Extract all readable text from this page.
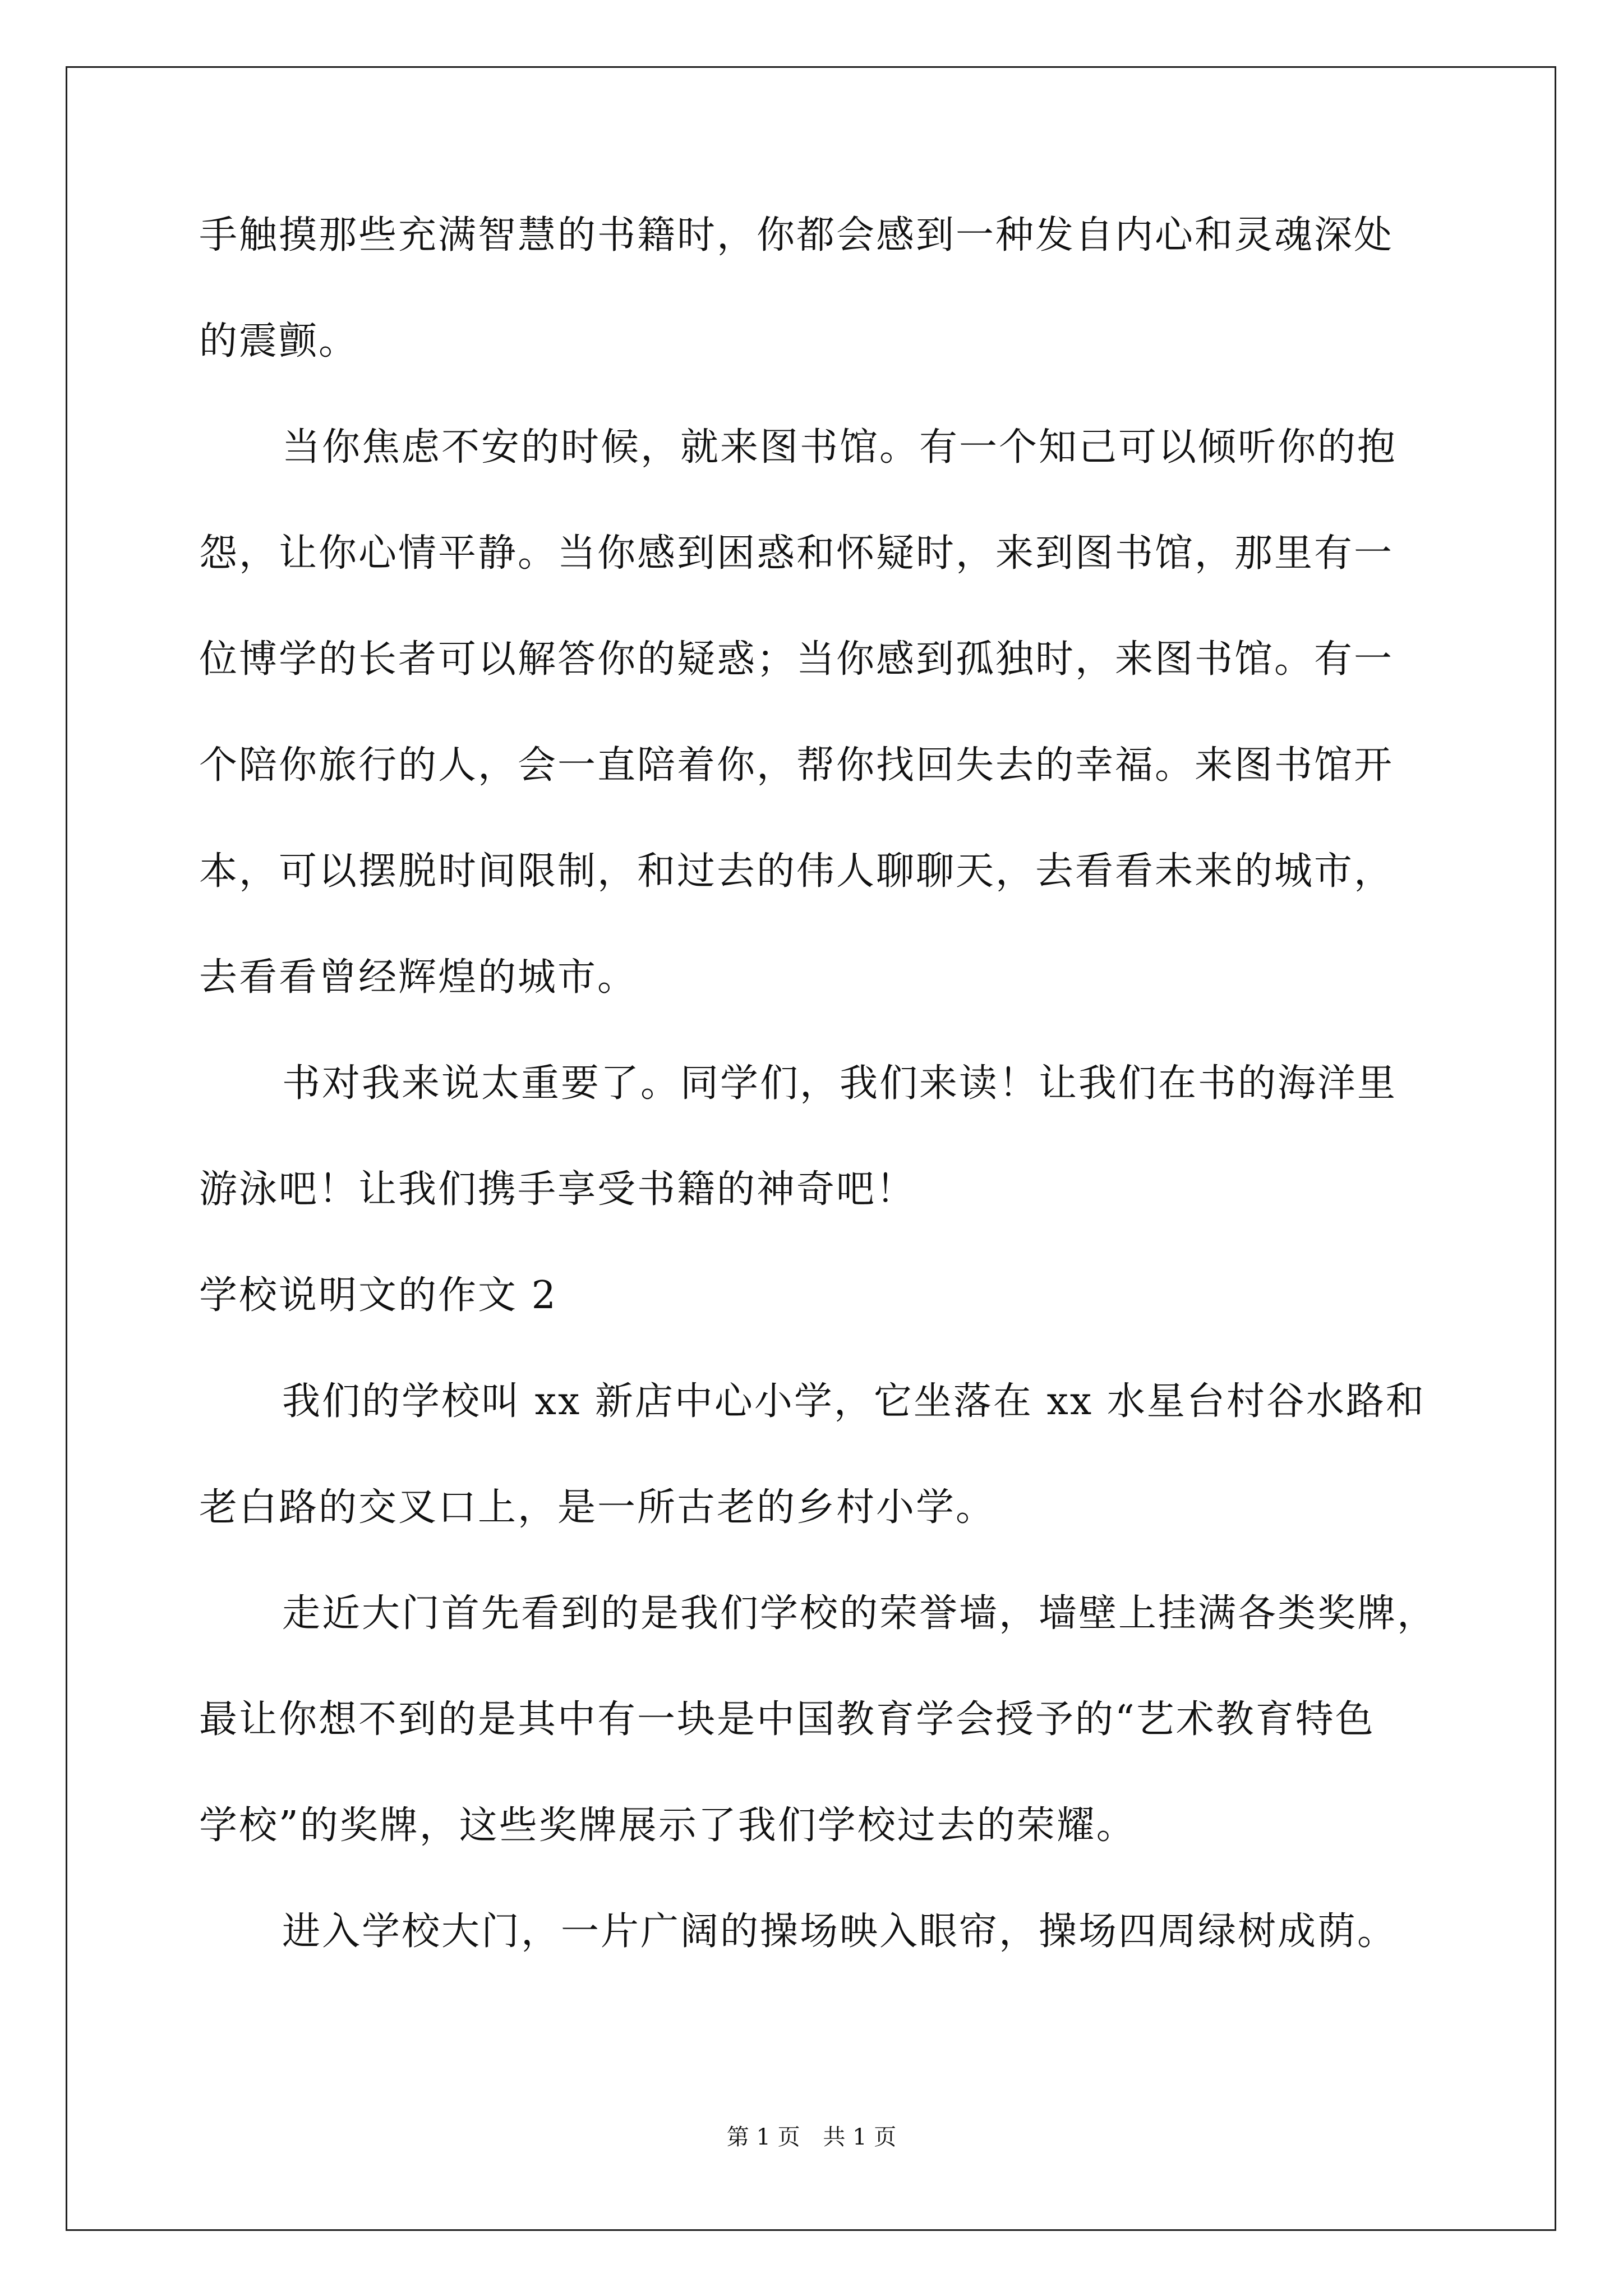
手触摸那些充满智慧的书籍时，你都会感到一种发自内心和灵魂深处
的震颤。
当你焦虑不安的时候，就来图书馆。有一个知己可以倾听你的抱
怨，让你心情平静。当你感到困惑和怀疑时，来到图书馆，那里有一
位博学的长者可以解答你的疑惑；当你感到孤独时，来图书馆。有一
个陪你旅行的人，会一直陪着你，帮你找回失去的幸福。来图书馆开
本，可以摆脱时间限制，和过去的伟人聊聊天，去看看未来的城市，
去看看曾经辉煌的城市。
书对我来说太重要了。同学们，我们来读！让我们在书的海洋里
游泳吧！让我们携手享受书籍的神奇吧！
学校说明文的作文 2
我们的学校叫 xx 新店中心小学，它坐落在 xx 水星台村谷水路和
老白路的交叉口上，是一所古老的乡村小学。
走近大门首先看到的是我们学校的荣誉墙，墙壁上挂满各类奖牌，
最让你想不到的是其中有一块是中国教育学会授予的“艺术教育特色
学校”的奖牌，这些奖牌展示了我们学校过去的荣耀。
进入学校大门，一片广阔的操场映入眼帘，操场四周绿树成荫。
第 1 页 共 1 页
